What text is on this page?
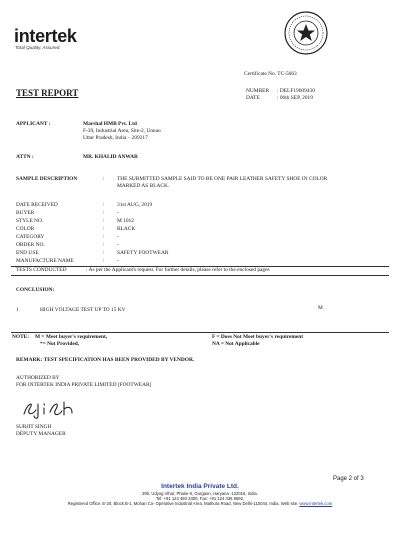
intertek
Total Quality. Assured.
Certificate No. TC-5663
TEST REPORT	NUMBER : DELF19009430
DATE	: 06th SEP, 2019
APPLICANT :	Marshal HMB Pvt. Ltd
F-39, Industrial Area, Site-2, Unnao
Uttar Pradesh, India – 209217
ATTN :	MR. KHALID ANWAR
SAMPLE DESCRIPTION	: THE SUBMITTED SAMPLE SAID TO BE ONE PAIR LEATHER SAFETY SHOE IN COLOR
MARKED AS BLACK.
DATE RECEIVED	: 31st AUG, 2019
BUYER	: -
STYLE NO.	: M 1012
COLOR	: BLACK
CATEGORY	: -
ORDER NO.	: -
END USE	: SAFETY FOOTWEAR
MANUFACTURE NAME	: -
TESTS CONDUCTED	: As per the Applicant's request. For further details, please refer to the enclosed pages
CONCLUSION:
1	HIGH VOLTAGE TEST UP TO 15 KV	M
NOTE: M = Meet buyer's requirement,	F = Does Not Meet buyer's requirement
*= Not Provided,	NA = Not Applicable
REMARK: TEST SPECIFICATION HAS BEEN PROVIDED BY VENDOR.
AUTHORIZED BY
FOR INTERTEK INDIA PRIVATE LIMITED [FOOTWEAR]
SURJIT SINGH
DEPUTY MANAGER
Page 2 of 3
Intertek India Private Ltd.
290, Udyog Vihar, Phase-II, Gurgaon, Haryana -122016, India.
Tel: +91 124 450 3400, Fax: +91 124 436 8692,
Registered Office: E-20, Block B-1, Mohan Co- Operative Industrial Area, Mathura Road, New Delhi-110044, India. Web site: www.intertek.com
